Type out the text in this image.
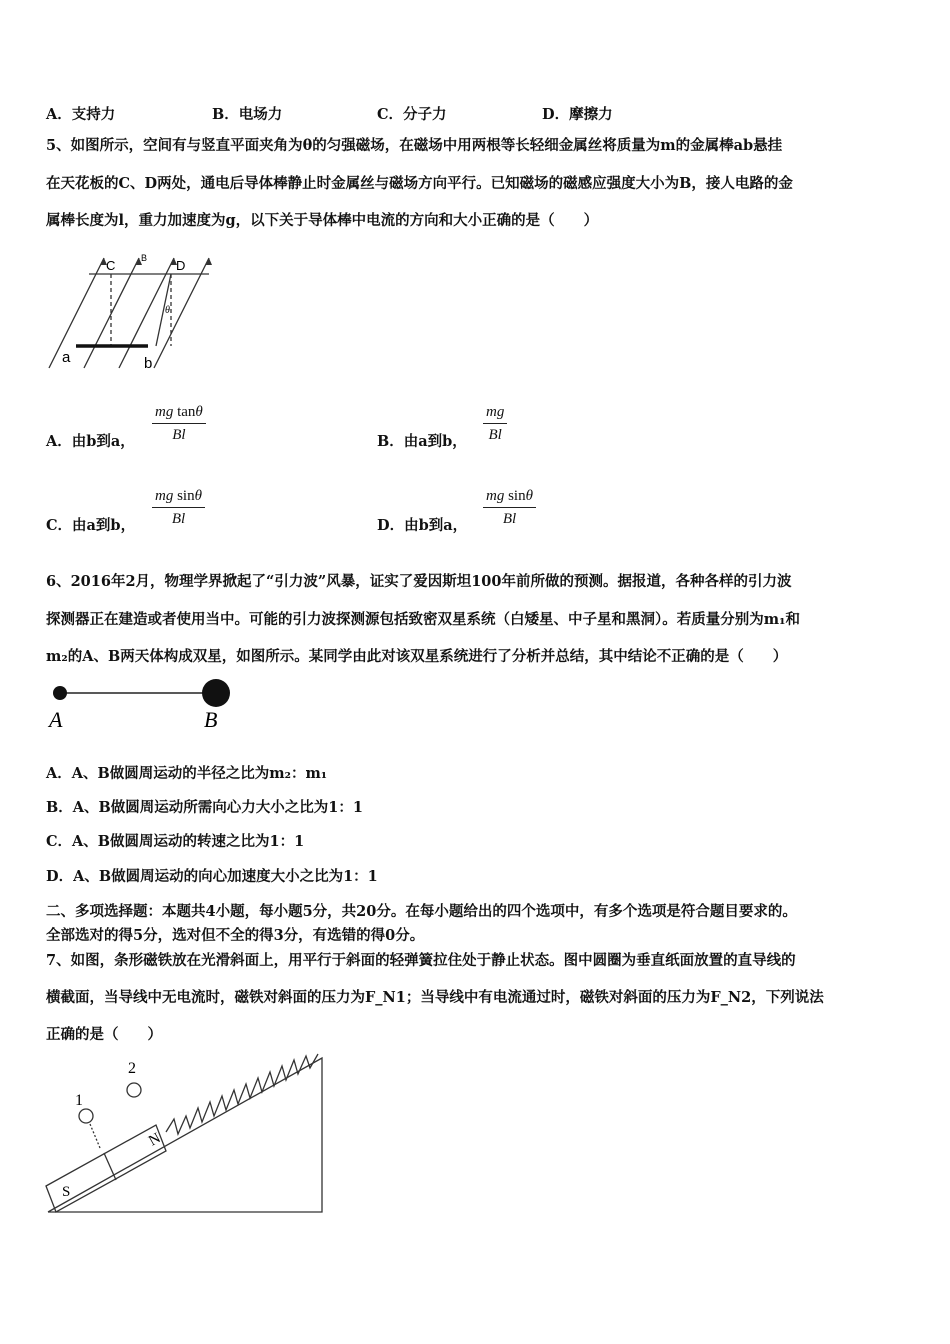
A．支持力	B．电场力	C．分子力	D．摩擦力
5、如图所示，空间有与竖直平面夹角为θ的匀强磁场，在磁场中用两根等长轻细金属丝将质量为m的金属棒ab悬挂
在天花板的C、D两处，通电后导体棒静止时金属丝与磁场方向平行。已知磁场的磁感应强度大小为B，接人电路的金
属棒长度为l，重力加速度为g，以下关于导体棒中电流的方向和大小正确的是（　　）
C	B D
θ
a	b
A．由b到a， $\frac{\text{mg tanθ}}{Bl}$	B．由a到b， $\frac{mg}{Bl}$
C．由a到b， $\frac{\text{mg sinθ}}{Bl}$	D．由b到a， $\frac{\text{mg sinθ}}{Bl}$
6、2016年2月，物理学界掀起了“引力波”风暴，证实了爱因斯坦100年前所做的预测。据报道，各种各样的引力波
探测器正在建造或者使用当中。可能的引力波探测源包括致密双星系统（白矮星、中子星和黑洞）。若质量分别为m₁和
m₂的A、B两天体构成双星，如图所示。某同学由此对该双星系统进行了分析并总结，其中结论不正确的是（　　）
A	B
A．A、B做圆周运动的半径之比为m₂：m₁
B．A、B做圆周运动所需向心力大小之比为1：1
C．A、B做圆周运动的转速之比为1：1
D．A、B做圆周运动的向心加速度大小之比为1：1
二、多项选择题：本题共4小题，每小题5分，共20分。在每小题给出的四个选项中，有多个选项是符合题目要求的。
全部选对的得5分，选对但不全的得3分，有选错的得0分。
7、如图，条形磁铁放在光滑斜面上，用平行于斜面的轻弹簧拉住处于静止状态。图中圆圈为垂直纸面放置的直导线的
横截面，当导线中无电流时，磁铁对斜面的压力为F_N1；当导线中有电流通过时，磁铁对斜面的压力为F_N2，下列说法
正确的是（　　）
1
2
N
S
